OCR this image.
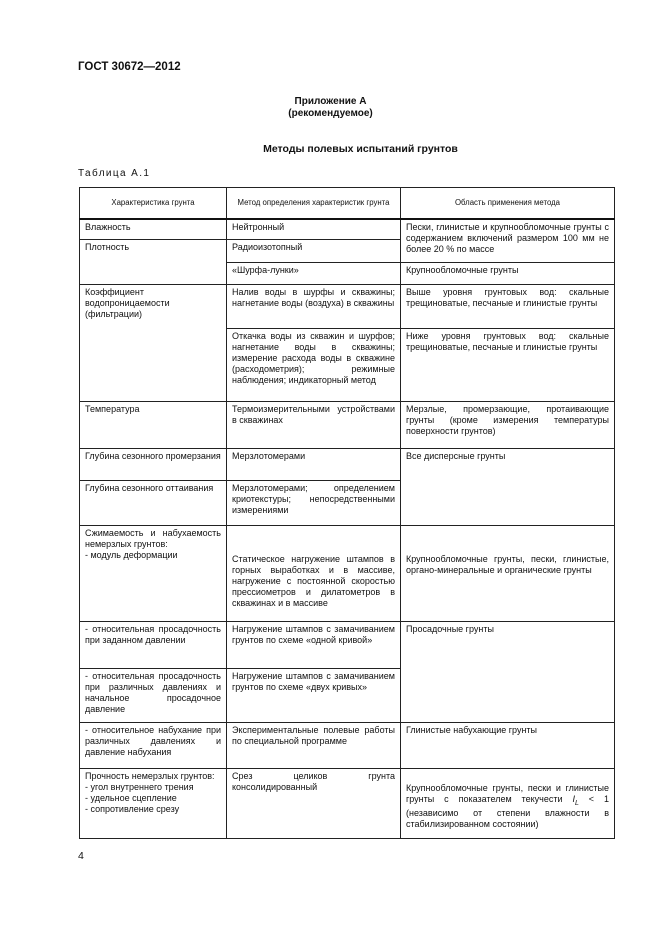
ГОСТ 30672—2012
Приложение А
(рекомендуемое)
Методы полевых испытаний грунтов
Таблица А.1
Характеристика грунта	Метод определения характеристик грунта	Область применения метода
Влажность	Нейтронный	Пески, глинистые и крупнообломочные грунты с содержанием включений размером 100 мм не более 20 % по массе
Плотность	Радиоизотопный	
	«Шурфа-лунки»	Крупнообломочные грунты
Коэффициент водопроницаемости (фильтрации)	Налив воды в шурфы и скважины; нагнетание воды (воздуха) в скважины	Выше уровня грунтовых вод: скальные трещиноватые, песчаные и глинистые грунты
	Откачка воды из скважин и шурфов; нагнетание воды в скважины; измерение расхода воды в скважине (расходометрия); режимные наблюдения; индикаторный метод	Ниже уровня грунтовых вод: скальные трещиноватые, песчаные и глинистые грунты
Температура	Термоизмерительными устройствами в скважинах	Мерзлые, промерзающие, протаивающие грунты (кроме измерения температуры поверхности грунтов)
Глубина сезонного промерзания	Мерзлотомерами	Все дисперсные грунты
Глубина сезонного оттаивания	Мерзлотомерами; определением криотекстуры; непосредственными измерениями	

Сжимаемость и набухаемость немерзлых грунтов:
- модуль деформации	Статическое нагружение штампов в горных выработках и в массиве, нагружение с постоянной скоростью прессиометров и дилатометров в скважинах и в массиве	Крупнообломочные грунты, пески, глинистые, органо-минеральные и органические грунты
- относительная просадочность при заданном давлении	Нагружение штампов с замачиванием грунтов по схеме «одной кривой»	Просадочные грунты
- относительная просадочность при различных давлениях и начальное просадочное давление	Нагружение штампов с замачиванием грунтов по схеме «двух кривых»	
- относительное набухание при различных давлениях и давление набухания	Экспериментальные полевые работы по специальной программе	Глинистые набухающие грунты

Прочность немерзлых грунтов:
- угол внутреннего трения
- удельное сцепление
- сопротивление срезу	Срез целиков грунта консолидированный	Крупнообломочные грунты, пески и глинистые грунты с показателем текучести $I_L < 1$ (независимо от степени влажности в стабилизированном состоянии)
4
